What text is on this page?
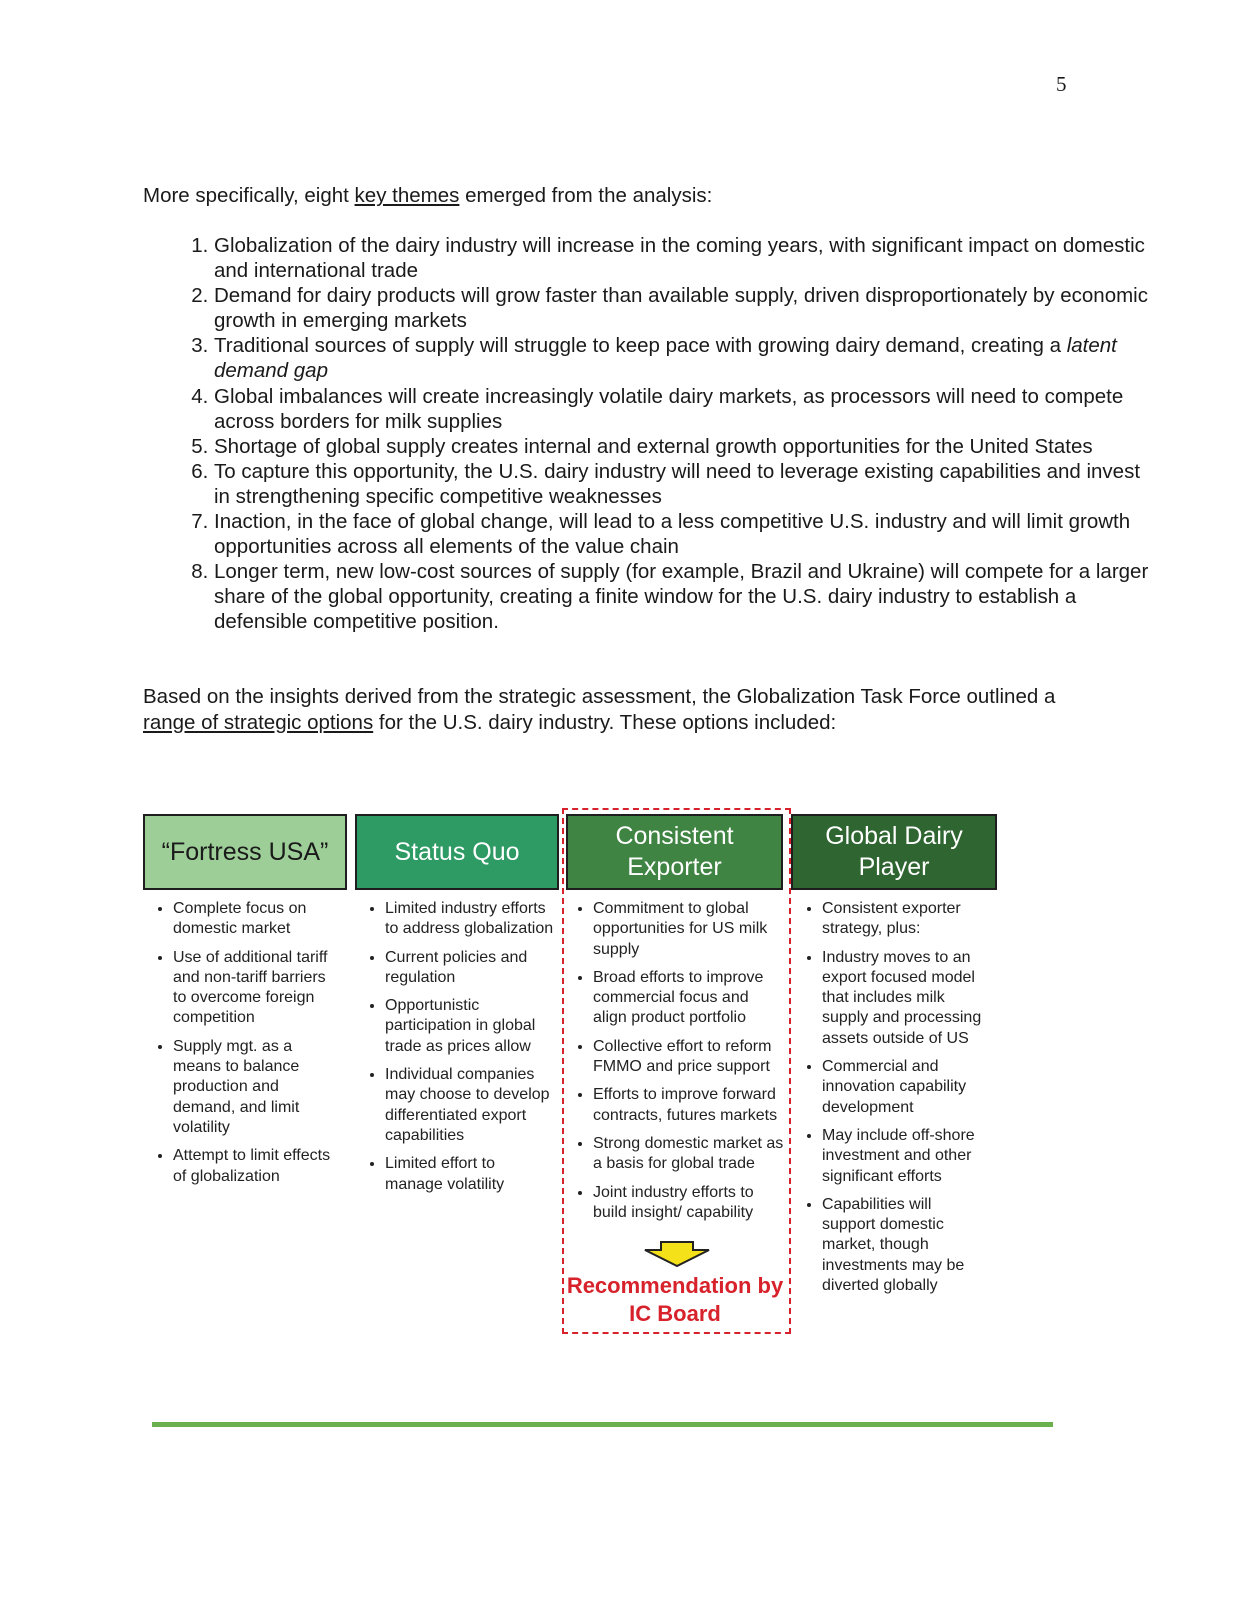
5
More specifically, eight key themes emerged from the analysis:
1. Globalization of the dairy industry will increase in the coming years, with significant impact on domestic and international trade
2. Demand for dairy products will grow faster than available supply, driven disproportionately by economic growth in emerging markets
3. Traditional sources of supply will struggle to keep pace with growing dairy demand, creating a latent demand gap
4. Global imbalances will create increasingly volatile dairy markets, as processors will need to compete across borders for milk supplies
5. Shortage of global supply creates internal and external growth opportunities for the United States
6. To capture this opportunity, the U.S. dairy industry will need to leverage existing capabilities and invest in strengthening specific competitive weaknesses
7. Inaction, in the face of global change, will lead to a less competitive U.S. industry and will limit growth opportunities across all elements of the value chain
8. Longer term, new low-cost sources of supply (for example, Brazil and Ukraine) will compete for a larger share of the global opportunity, creating a finite window for the U.S. dairy industry to establish a defensible competitive position.
Based on the insights derived from the strategic assessment, the Globalization Task Force outlined a range of strategic options for the U.S. dairy industry. These options included:
“Fortress USA”
• Complete focus on domestic market
• Use of additional tariff and non-tariff barriers to overcome foreign competition
• Supply mgt. as a means to balance production and demand, and limit volatility
• Attempt to limit effects of globalization
Status Quo
• Limited industry efforts to address globalization
• Current policies and regulation
• Opportunistic participation in global trade as prices allow
• Individual companies may choose to develop differentiated export capabilities
• Limited effort to manage volatility
Consistent Exporter
• Commitment to global opportunities for US milk supply
• Broad efforts to improve commercial focus and align product portfolio
• Collective effort to reform FMMO and price support
• Efforts to improve forward contracts, futures markets
• Strong domestic market as a basis for global trade
• Joint industry efforts to build insight/ capability
Global Dairy Player
• Consistent exporter strategy, plus:
• Industry moves to an export focused model that includes milk supply and processing assets outside of US
• Commercial and innovation capability development
• May include off-shore investment and other significant efforts
• Capabilities will support domestic market, though investments may be diverted globally
Recommendation by IC Board
